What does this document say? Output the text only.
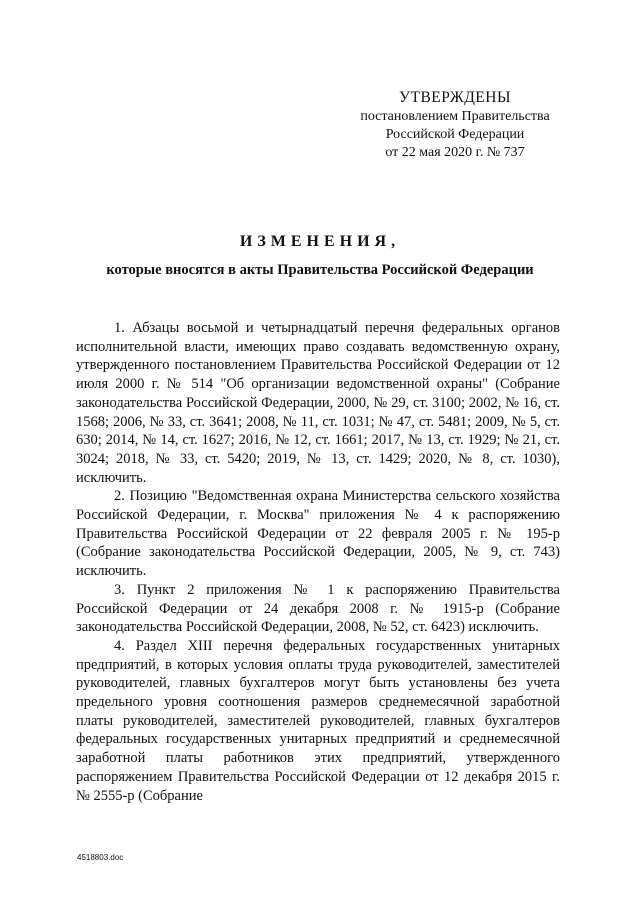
УТВЕРЖДЕНЫ
постановлением Правительства
Российской Федерации
от 22 мая 2020 г. № 737
ИЗМЕНЕНИЯ,
которые вносятся в акты Правительства Российской Федерации

1. Абзацы восьмой и четырнадцатый перечня федеральных органов исполнительной власти, имеющих право создавать ведомственную охрану, утвержденного постановлением Правительства Российской Федерации от 12 июля 2000 г. № 514 "Об организации ведомственной охраны" (Собрание законодательства Российской Федерации, 2000, № 29, ст. 3100; 2002, № 16, ст. 1568; 2006, № 33, ст. 3641; 2008, № 11, ст. 1031; № 47, ст. 5481; 2009, № 5, ст. 630; 2014, № 14, ст. 1627; 2016, № 12, ст. 1661; 2017, № 13, ст. 1929; № 21, ст. 3024; 2018, № 33, ст. 5420; 2019, № 13, ст. 1429; 2020, № 8, ст. 1030), исключить.

2. Позицию "Ведомственная охрана Министерства сельского хозяйства Российской Федерации, г. Москва" приложения № 4 к распоряжению Правительства Российской Федерации от 22 февраля 2005 г. № 195-р (Собрание законодательства Российской Федерации, 2005, № 9, ст. 743) исключить.

3. Пункт 2 приложения № 1 к распоряжению Правительства Российской Федерации от 24 декабря 2008 г. № 1915-р (Собрание законодательства Российской Федерации, 2008, № 52, ст. 6423) исключить.

4. Раздел XIII перечня федеральных государственных унитарных предприятий, в которых условия оплаты труда руководителей, заместителей руководителей, главных бухгалтеров могут быть установлены без учета предельного уровня соотношения размеров среднемесячной заработной платы руководителей, заместителей руководителей, главных бухгалтеров федеральных государственных унитарных предприятий и среднемесячной заработной платы работников этих предприятий, утвержденного распоряжением Правительства Российской Федерации от 12 декабря 2015 г. № 2555-р (Собрание

4518803.doc
